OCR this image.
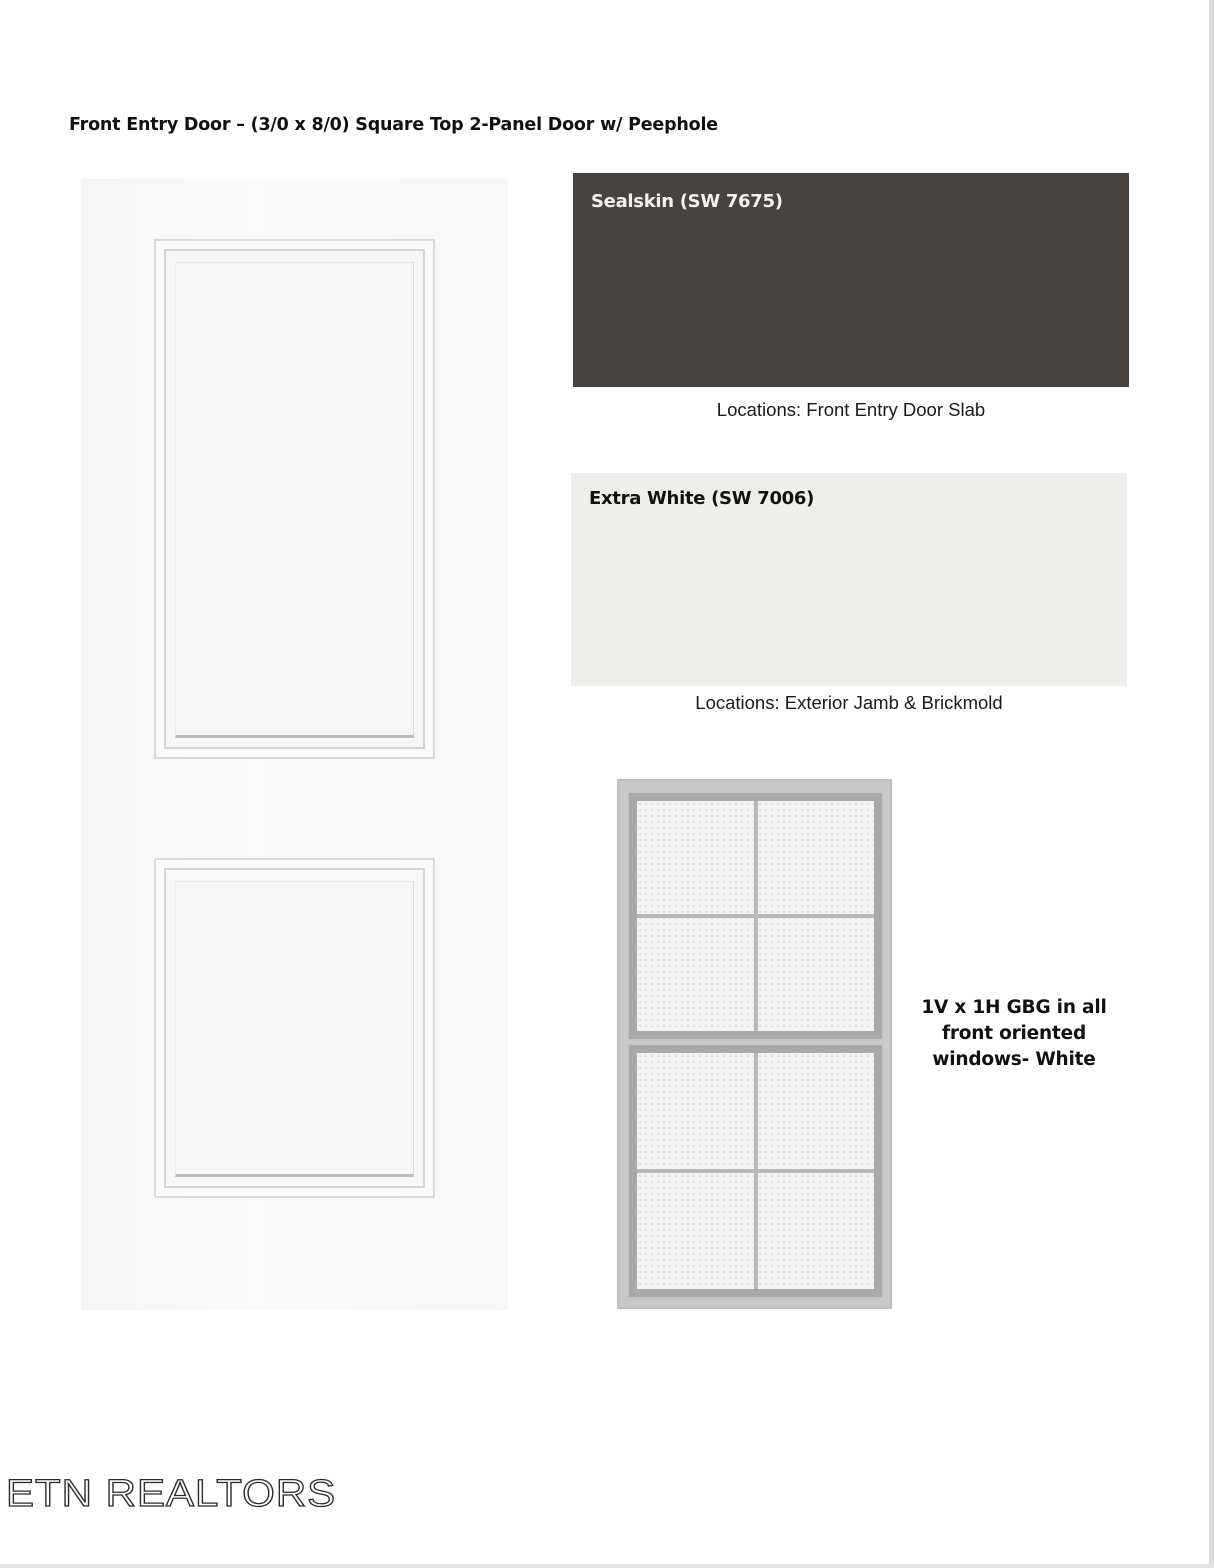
Front Entry Door – (3/0 x 8/0) Square Top 2-Panel Door w/ Peephole
Sealskin (SW 7675)
Locations: Front Entry Door Slab
Extra White (SW 7006)
Locations: Exterior Jamb & Brickmold
1V x 1H GBG in all front oriented windows- White
ETN REALTORS
